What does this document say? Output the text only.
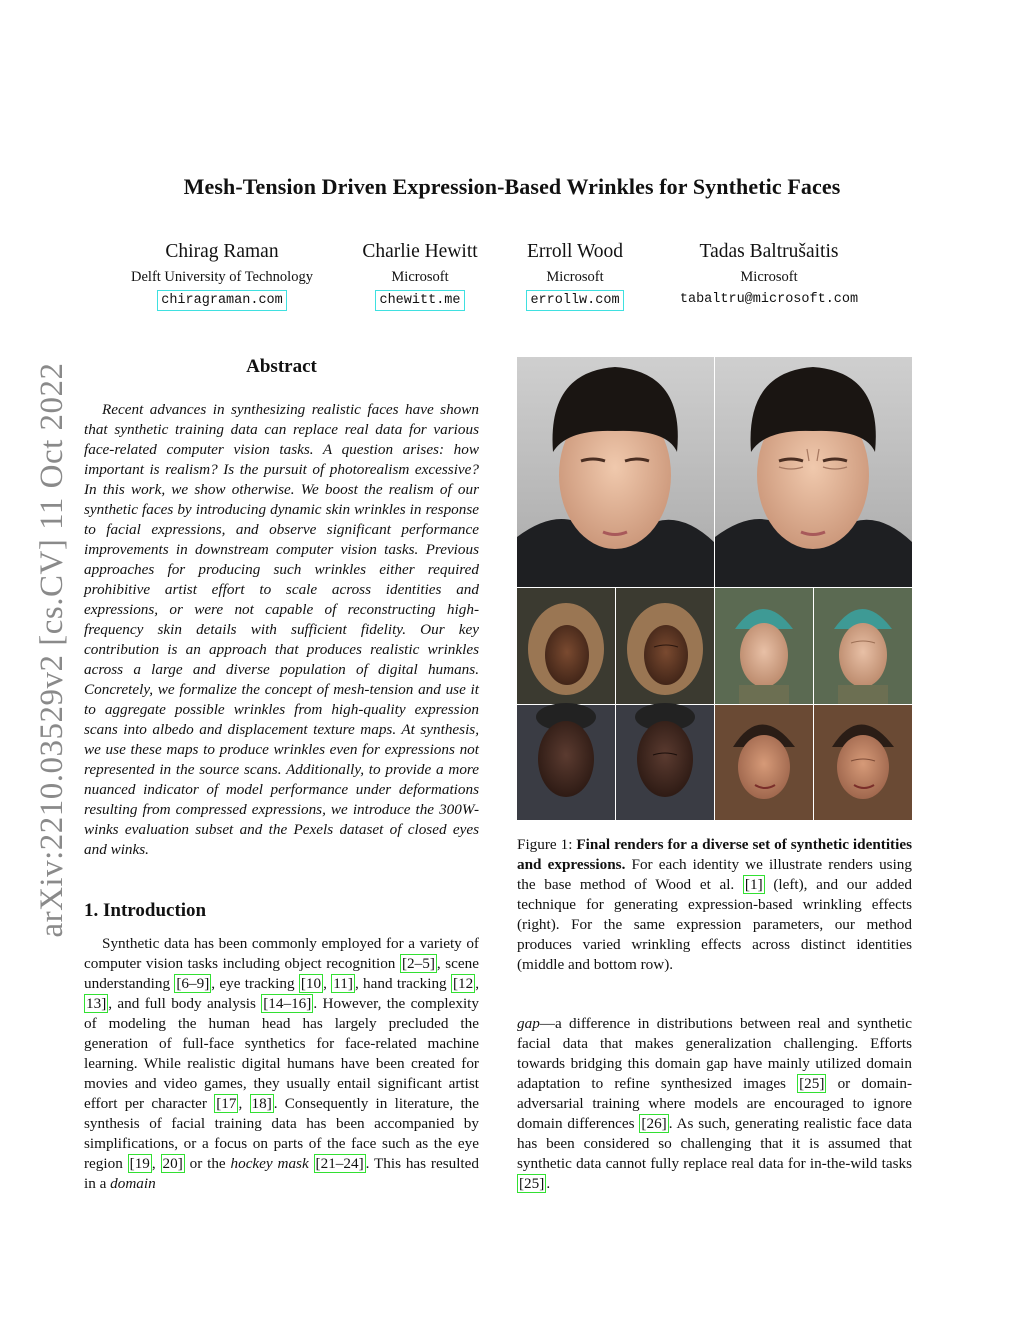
arXiv:2210.03529v2 [cs.CV] 11 Oct 2022
Mesh-Tension Driven Expression-Based Wrinkles for Synthetic Faces
Chirag Raman
Delft University of Technology
chiragraman.com
Charlie Hewitt
Microsoft
chewitt.me
Erroll Wood
Microsoft
errollw.com
Tadas Baltrušaitis
Microsoft
tabaltru@microsoft.com
Abstract

Recent advances in synthesizing realistic faces have shown that synthetic training data can replace real data for various face-related computer vision tasks. A question arises: how important is realism? Is the pursuit of photorealism excessive? In this work, we show otherwise. We boost the realism of our synthetic faces by introducing dynamic skin wrinkles in response to facial expressions, and observe significant performance improvements in downstream computer vision tasks. Previous approaches for producing such wrinkles either required prohibitive artist effort to scale across identities and expressions, or were not capable of reconstructing high-frequency skin details with sufficient fidelity. Our key contribution is an approach that produces realistic wrinkles across a large and diverse population of digital humans. Concretely, we formalize the concept of mesh-tension and use it to aggregate possible wrinkles from high-quality expression scans into albedo and displacement texture maps. At synthesis, we use these maps to produce wrinkles even for expressions not represented in the source scans. Additionally, to provide a more nuanced indicator of model performance under deformations resulting from compressed expressions, we introduce the 300W-winks evaluation subset and the Pexels dataset of closed eyes and winks.

1. Introduction

Synthetic data has been commonly employed for a variety of computer vision tasks including object recognition [2–5] , scene understanding [6–9] , eye tracking [10 , 11] , hand tracking [12 , 13] , and full body analysis [14–16] . However, the complexity of modeling the human head has largely precluded the generation of full-face synthetics for face-related machine learning. While realistic digital humans have been created for movies and video games, they usually entail significant artist effort per character [17 , 18] . Consequently in literature, the synthesis of facial training data has been accompanied by simplifications, or a focus on parts of the face such as the eye region [19 , 20] or the hockey mask [21–24] . This has resulted in a domain

Figure 1: Final renders for a diverse set of synthetic identities and expressions. For each identity we illustrate renders using the base method of Wood et al. [1] (left), and our added technique for generating expression-based wrinkling effects (right). For the same expression parameters, our method produces varied wrinkling effects across distinct identities (middle and bottom row).

gap—a difference in distributions between real and synthetic facial data that makes generalization challenging. Efforts towards bridging this domain gap have mainly utilized domain adaptation to refine synthesized images [25] or domain-adversarial training where models are encouraged to ignore domain differences [26] . As such, generating realistic face data has been considered so challenging that it is assumed that synthetic data cannot fully replace real data for in-the-wild tasks [25] .
